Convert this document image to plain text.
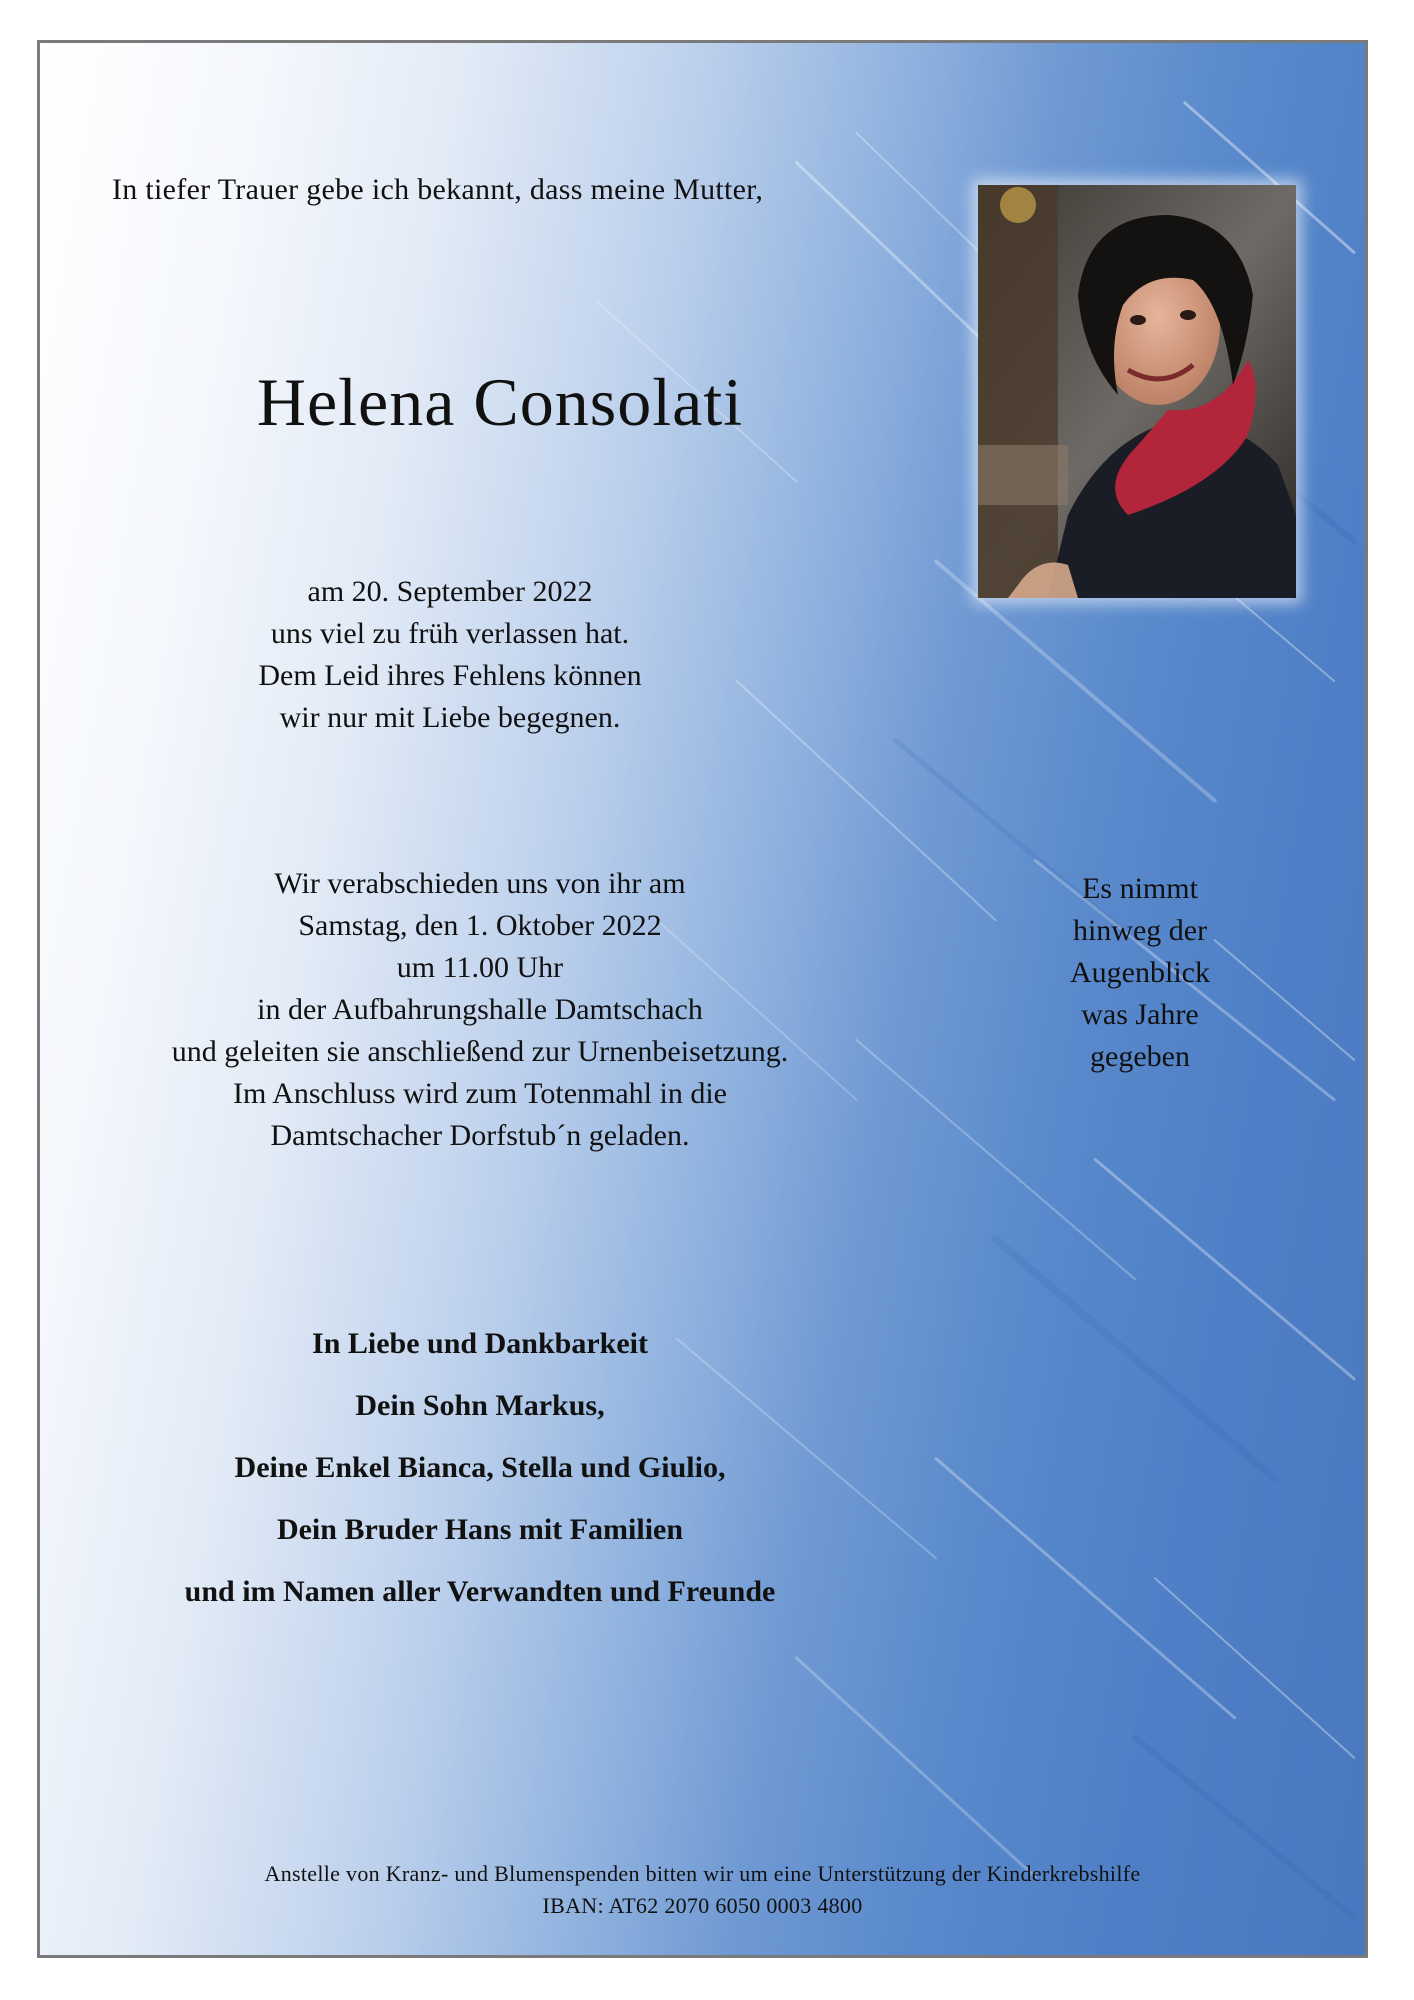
In tiefer Trauer gebe ich bekannt, dass meine Mutter,

Helena Consolati

am 20. September 2022

uns viel zu früh verlassen hat.

Dem Leid ihres Fehlens können

wir nur mit Liebe begegnen.

Wir verabschieden uns von ihr am

Samstag, den 1. Oktober 2022

um 11.00 Uhr

in der Aufbahrungshalle Damtschach

und geleiten sie anschließend zur Urnenbeisetzung.

Im Anschluss wird zum Totenmahl in die

Damtschacher Dorfstub´n geladen.

Es nimmt

hinweg der

Augenblick

was Jahre

gegeben

In Liebe und Dankbarkeit

Dein Sohn Markus,

Deine Enkel Bianca, Stella und Giulio,

Dein Bruder Hans mit Familien

und im Namen aller Verwandten und Freunde

Anstelle von Kranz- und Blumenspenden bitten wir um eine Unterstützung der Kinderkrebshilfe

IBAN: AT62 2070 6050 0003 4800
